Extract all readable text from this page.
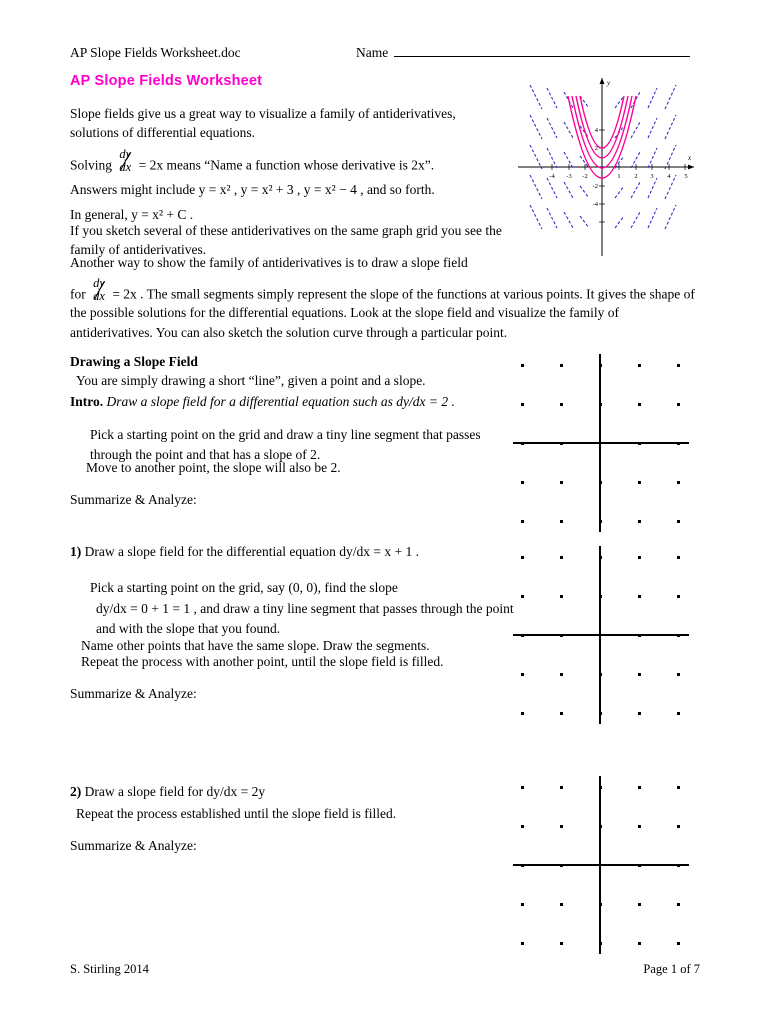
AP Slope Fields Worksheet.doc	Name
AP Slope Fields Worksheet
Slope fields give us a great way to visualize a family of antiderivatives, solutions of differential equations.
Solving
dy
dx = 2x means “Name a function whose derivative is 2x”.
Answers might include y = x² , y = x² + 3 , y = x² − 4 , and so forth.
In general, y = x² + C .
If you sketch several of these antiderivatives on the same graph grid you see the family of antiderivatives.
Another way to show the family of antiderivatives is to draw a slope field
for
dy
dx = 2x . The small segments simply represent the slope of the functions at various points. It gives the shape of the possible solutions for the differential equations. Look at the slope field and visualize the family of antiderivatives. You can also sketch the solution curve through a particular point.
Drawing a Slope Field
You are simply drawing a short “line”, given a point and a slope.
Intro. Draw a slope field for a differential equation such as dy/dx = 2 .
Pick a starting point on the grid and draw a tiny line segment that passes through the point and that has a slope of 2.
Move to another point, the slope will also be 2.
Summarize & Analyze:
1) Draw a slope field for the differential equation dy/dx = x + 1 .
Pick a starting point on the grid, say (0, 0), find the slope
dy/dx = 0 + 1 = 1 , and draw a tiny line segment that passes through the point and with the slope that you found.
Name other points that have the same slope. Draw the segments.
Repeat the process with another point, until the slope field is filled.
Summarize & Analyze:
2) Draw a slope field for dy/dx = 2y
Repeat the process established until the slope field is filled.
Summarize & Analyze:
S. Stirling 2014	Page 1 of 7
x
y
-4 -3 -2	1 2 3 4 5
4
2
-2
-4
